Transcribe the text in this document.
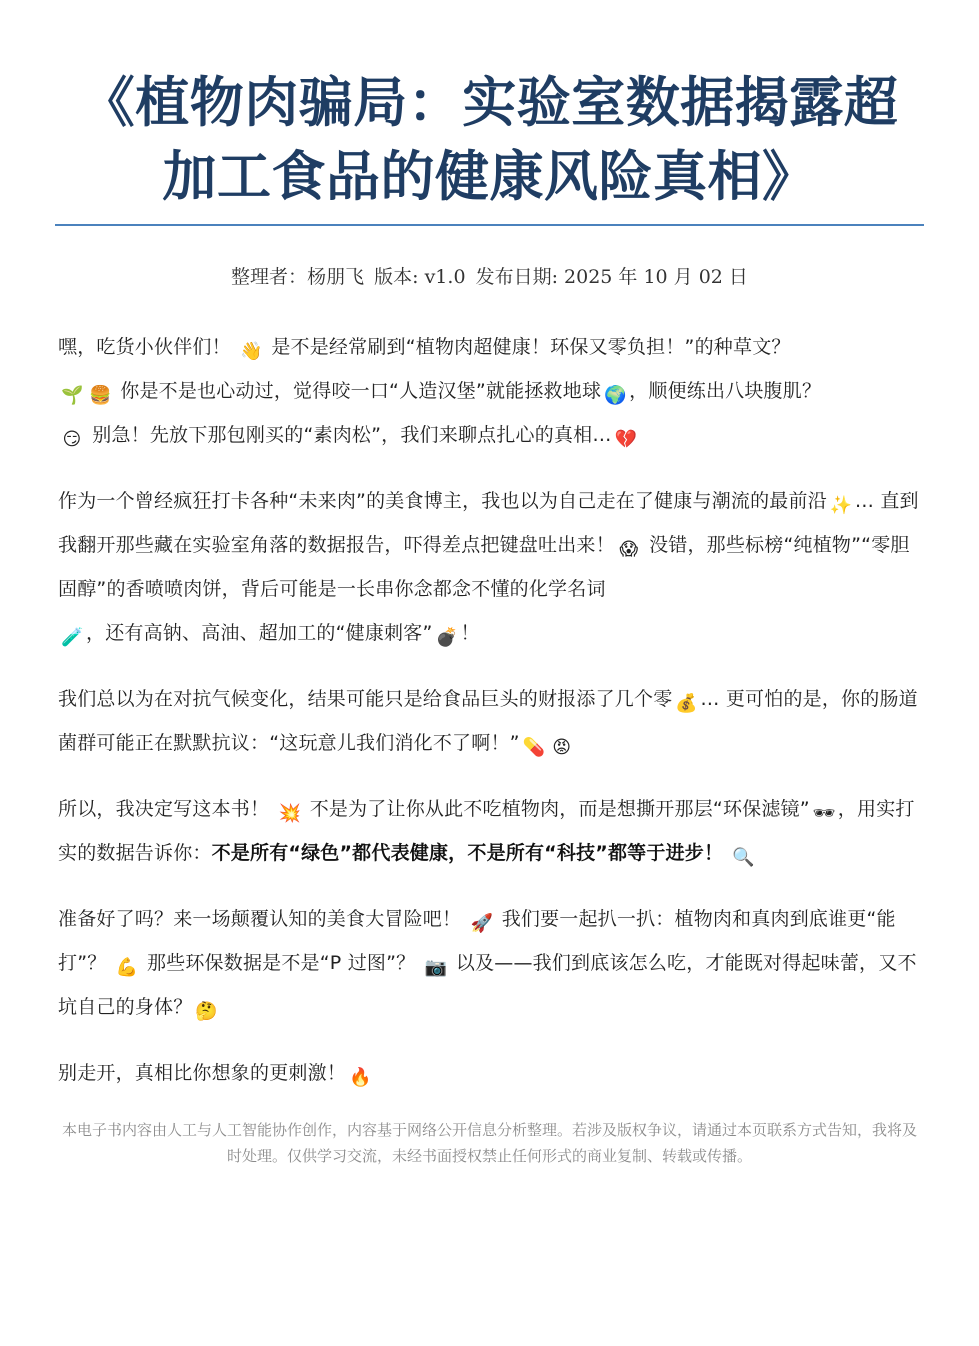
《植物肉骗局：实验室数据揭露超
加工食品的健康风险真相》
整理者：杨朋飞 版本: v1.0 发布日期: 2025 年 10 月 02 日

嘿，吃货小伙伴们！ 👋 是不是经常刷到“植物肉超健康！环保又零负担！”的种草文？
🌱 🍔 你是不是也心动过，觉得咬一口“人造汉堡”就能拯救地球 🌍 ，顺便练出八块腹肌？
😏 别急！先放下那包刚买的“素肉松”，我们来聊点扎心的真相… 💔

作为一个曾经疯狂打卡各种“未来肉”的美食博主，我也以为自己走在了健康与潮流的最前沿 ✨ … 直到我翻开那些藏在实验室角落的数据报告，吓得差点把键盘吐出来！ 😱 没错，那些标榜“纯植物”“零胆固醇”的香喷喷肉饼，背后可能是一长串你念都念不懂的化学名词
🧪 ，还有高钠、高油、超加工的“健康刺客” 💣 ！

我们总以为在对抗气候变化，结果可能只是给食品巨头的财报添了几个零 💰 … 更可怕的是，你的肠道菌群可能正在默默抗议：“这玩意儿我们消化不了啊！” 💊 😡

所以，我决定写这本书！ 💥 不是为了让你从此不吃植物肉，而是想撕开那层“环保滤镜” 🕶 ，用实打实的数据告诉你：不是所有“绿色”都代表健康，不是所有“科技”都等于进步！ 🔍

准备好了吗？来一场颠覆认知的美食大冒险吧！ 🚀 我们要一起扒一扒：植物肉和真肉到底谁更“能打”？ 💪 那些环保数据是不是“P 过图”？ 📷 以及——我们到底该怎么吃，才能既对得起味蕾，又不坑自己的身体？ 🤔

别走开，真相比你想象的更刺激！ 🔥

本电子书内容由人工与人工智能协作创作，内容基于网络公开信息分析整理。若涉及版权争议，请通过本页联系方式告知，我将及时处理。仅供学习交流，未经书面授权禁止任何形式的商业复制、转载或传播。
